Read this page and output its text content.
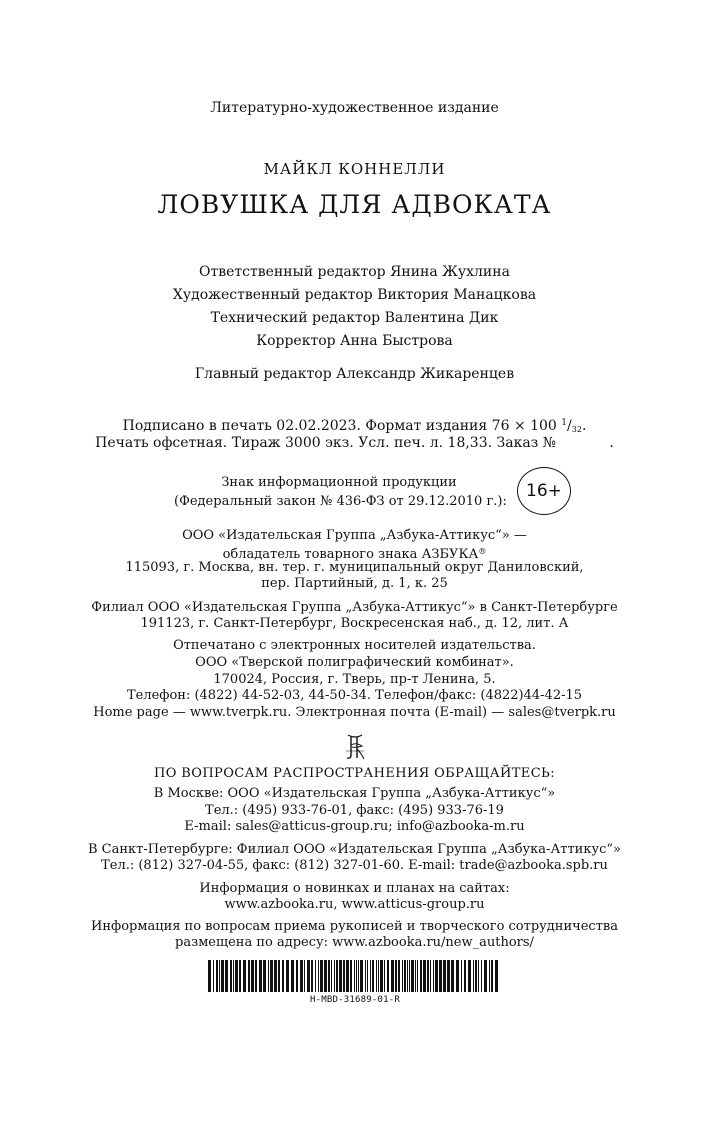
Литературно-художественное издание
МАЙКЛ КОННЕЛЛИ
ЛОВУШКА ДЛЯ АДВОКАТА
Ответственный редактор Янина Жухлина
Художественный редактор Виктория Манацкова
Технический редактор Валентина Дик
Корректор Анна Быстрова
Главный редактор Александр Жикаренцев
Подписано в печать 02.02.2023. Формат издания 76 × 100 $^1/_{32}$.
Печать офсетная. Тираж 3000 экз. Усл. печ. л. 18,33. Заказ №            .
Знак информационной продукции
(Федеральный закон № 436-ФЗ от 29.12.2010 г.):
16+
ООО «Издательская Группа „Азбука-Аттикус“» —
обладатель товарного знака АЗБУКА®
115093, г. Москва, вн. тер. г. муниципальный округ Даниловский,
пер. Партийный, д. 1, к. 25
Филиал ООО «Издательская Группа „Азбука-Аттикус“» в Санкт-Петербурге
191123, г. Санкт-Петербург, Воскресенская наб., д. 12, лит. А
Отпечатано с электронных носителей издательства.
ООО «Тверской полиграфический комбинат».
170024, Россия, г. Тверь, пр-т Ленина, 5.
Телефон: (4822) 44-52-03, 44-50-34. Телефон/факс: (4822)44-42-15
Home page — www.tverpk.ru. Электронная почта (E-mail) — sales@tverpk.ru
ПО ВОПРОСАМ РАСПРОСТРАНЕНИЯ ОБРАЩАЙТЕСЬ:
В Москве: ООО «Издательская Группа „Азбука-Аттикус“»
Тел.: (495) 933-76-01, факс: (495) 933-76-19
E-mail: sales@atticus-group.ru; info@azbooka-m.ru
В Санкт-Петербурге: Филиал ООО «Издательская Группа „Азбука-Аттикус“»
Тел.: (812) 327-04-55, факс: (812) 327-01-60. E-mail: trade@azbooka.spb.ru
Информация о новинках и планах на сайтах:
www.azbooka.ru, www.atticus-group.ru
Информация по вопросам приема рукописей и творческого сотрудничества
размещена по адресу: www.azbooka.ru/new_authors/
H-MBD-31689-01-R
